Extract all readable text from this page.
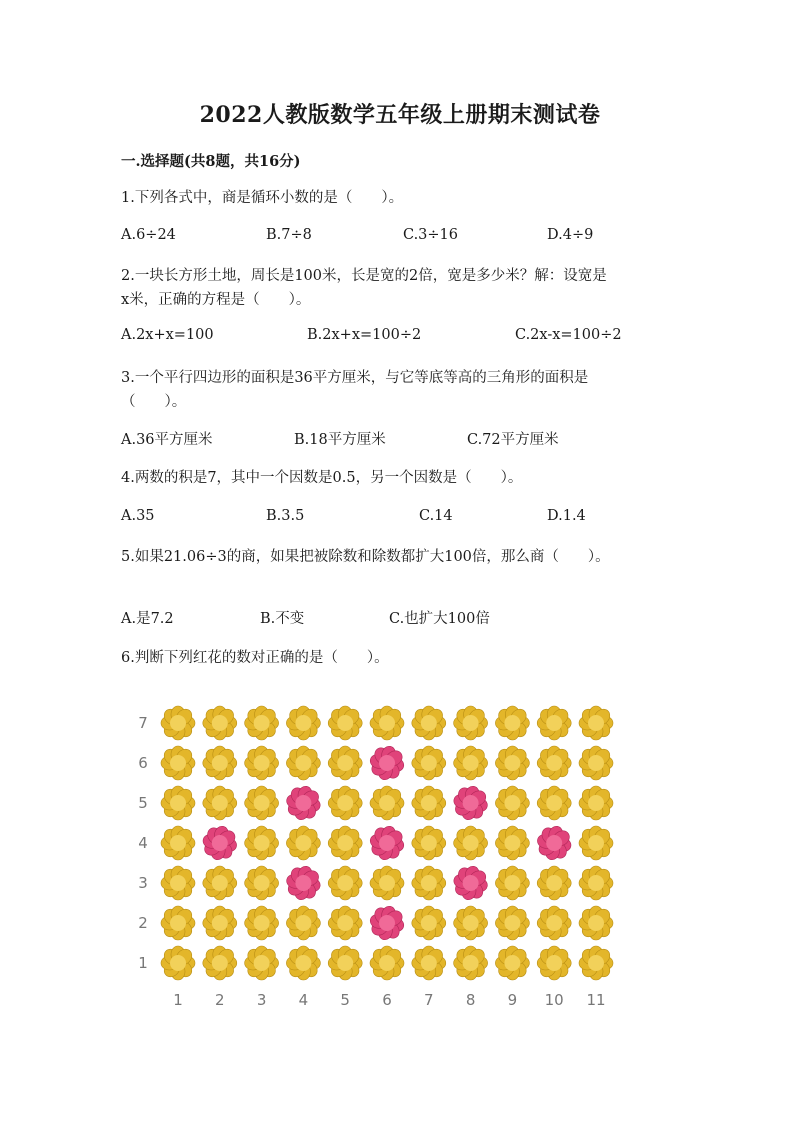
2022人教版数学五年级上册期末测试卷
一.选择题(共8题，共16分)
1.下列各式中，商是循环小数的是（　　）。
A.6÷24	B.7÷8	C.3÷16	D.4÷9
2.一块长方形土地，周长是100米，长是宽的2倍，宽是多少米？解：设宽是
x米，正确的方程是（　　）。
A.2x+x=100	B.2x+x=100÷2	C.2x-x=100÷2
3.一个平行四边形的面积是36平方厘米，与它等底等高的三角形的面积是
（　　）。
A.36平方厘米	B.18平方厘米	C.72平方厘米
4.两数的积是7，其中一个因数是0.5，另一个因数是（　　）。
A.35	B.3.5	C.14	D.1.4
5.如果21.06÷3的商，如果把被除数和除数都扩大100倍，那么商（　　）。
A.是7.2	B.不变	C.也扩大100倍
6.判断下列红花的数对正确的是（　　）。
1
2
3
4
5
6
7
1 2 3 4 5 6 7 8 9 10 11
